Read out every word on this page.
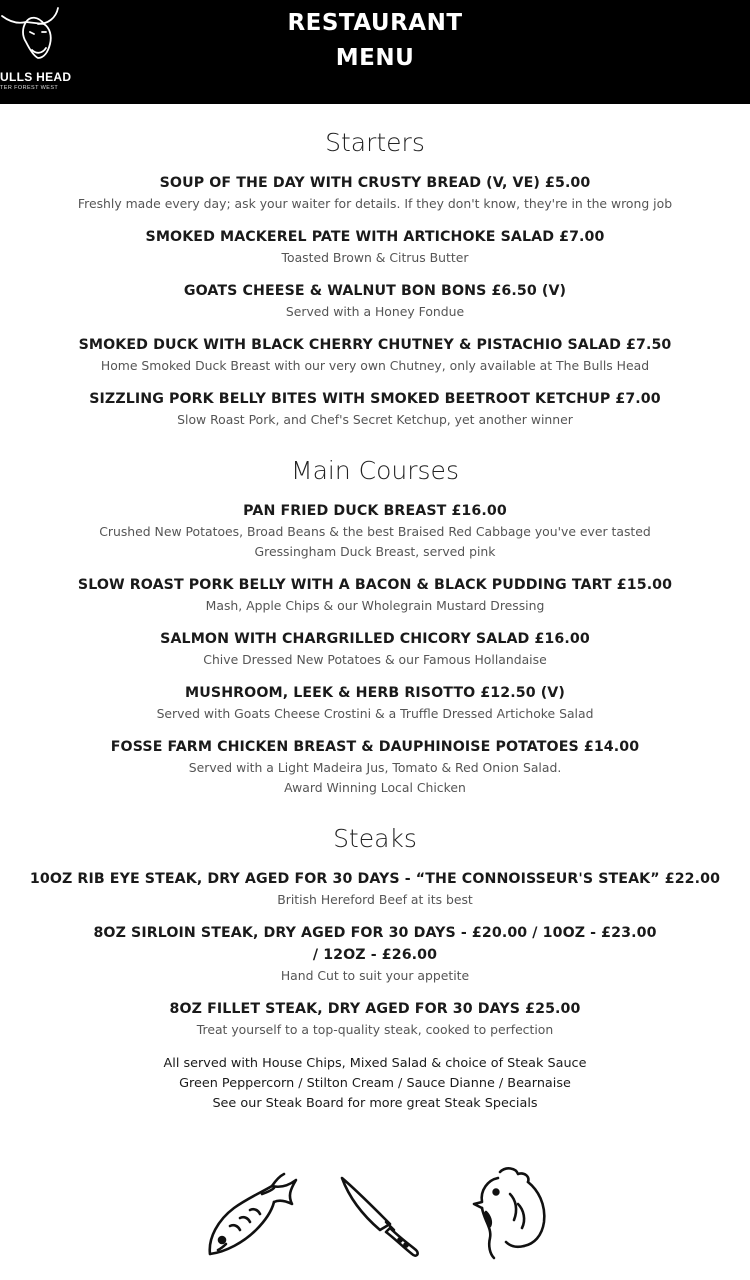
ULLS HEAD
TER FOREST WEST
RESTAURANT
MENU
Starters
SOUP OF THE DAY WITH CRUSTY BREAD (V, VE) £5.00
Freshly made every day; ask your waiter for details. If they don't know, they're in the wrong job
SMOKED MACKEREL PATE WITH ARTICHOKE SALAD £7.00
Toasted Brown & Citrus Butter
GOATS CHEESE & WALNUT BON BONS £6.50 (V)
Served with a Honey Fondue
SMOKED DUCK WITH BLACK CHERRY CHUTNEY & PISTACHIO SALAD £7.50
Home Smoked Duck Breast with our very own Chutney, only available at The Bulls Head
SIZZLING PORK BELLY BITES WITH SMOKED BEETROOT KETCHUP £7.00
Slow Roast Pork, and Chef's Secret Ketchup, yet another winner
Main Courses
PAN FRIED DUCK BREAST £16.00
Crushed New Potatoes, Broad Beans & the best Braised Red Cabbage you've ever tasted
Gressingham Duck Breast, served pink
SLOW ROAST PORK BELLY WITH A BACON & BLACK PUDDING TART £15.00
Mash, Apple Chips & our Wholegrain Mustard Dressing
SALMON WITH CHARGRILLED CHICORY SALAD £16.00
Chive Dressed New Potatoes & our Famous Hollandaise
MUSHROOM, LEEK & HERB RISOTTO £12.50 (V)
Served with Goats Cheese Crostini & a Truffle Dressed Artichoke Salad
FOSSE FARM CHICKEN BREAST & DAUPHINOISE POTATOES £14.00
Served with a Light Madeira Jus, Tomato & Red Onion Salad.
Award Winning Local Chicken
Steaks
10OZ RIB EYE STEAK, DRY AGED FOR 30 DAYS - “THE CONNOISSEUR'S STEAK” £22.00
British Hereford Beef at its best
8OZ SIRLOIN STEAK, DRY AGED FOR 30 DAYS - £20.00 / 10OZ - £23.00
/ 12OZ - £26.00
Hand Cut to suit your appetite
8OZ FILLET STEAK, DRY AGED FOR 30 DAYS £25.00
Treat yourself to a top-quality steak, cooked to perfection
All served with House Chips, Mixed Salad & choice of Steak Sauce
Green Peppercorn / Stilton Cream / Sauce Dianne / Bearnaise
See our Steak Board for more great Steak Specials
